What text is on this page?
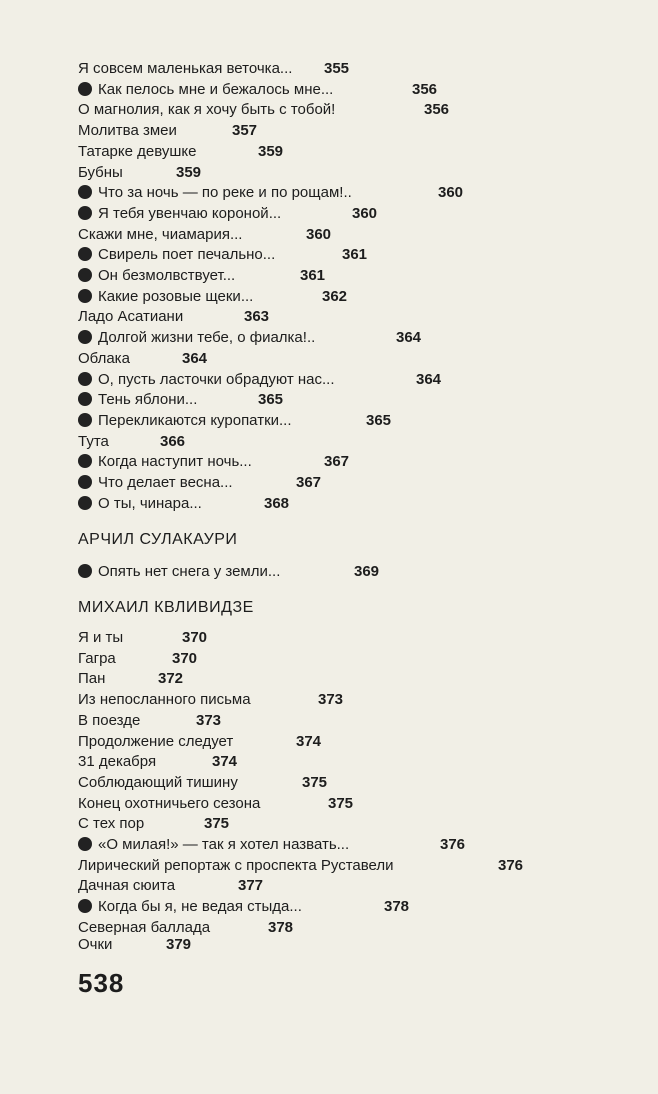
Я совсем маленькая веточка... 355
Как пелось мне и бежалось мне...	356
О магнолия, как я хочу быть с тобой!	356
Молитва змеи	357
Татарке девушке	359
Бубны	359
Что за ночь — по реке и по рощам!..	360
Я тебя увенчаю короной...	360
Скажи мне, чиамария...	360
Свирель поет печально...	361
Он безмолвствует...	361
Какие розовые щеки...	362
Ладо Асатиани	363
Долгой жизни тебе, о фиалка!..	364
Облака	364
О, пусть ласточки обрадуют нас...	364
Тень яблони...	365
Перекликаются куропатки...	365
Тута	366
Когда наступит ночь...	367
Что делает весна...	367
О ты, чинара...	368
АРЧИЛ СУЛАКАУРИ
Опять нет снега у земли...	369
МИХАИЛ КВЛИВИДЗЕ
Я и ты	370
Гагра	370
Пан	372
Из непосланного письма	373
В поезде	373
Продолжение следует	374
31 декабря	374
Соблюдающий тишину	375
Конец охотничьего сезона	375
С тех пор	375
«О милая!» — так я хотел назвать...	376
Лирический репортаж с проспекта Руставели	376
Дачная сюита	377
Когда бы я, не ведая стыда...	378
Северная баллада	378
Очки	379
538
